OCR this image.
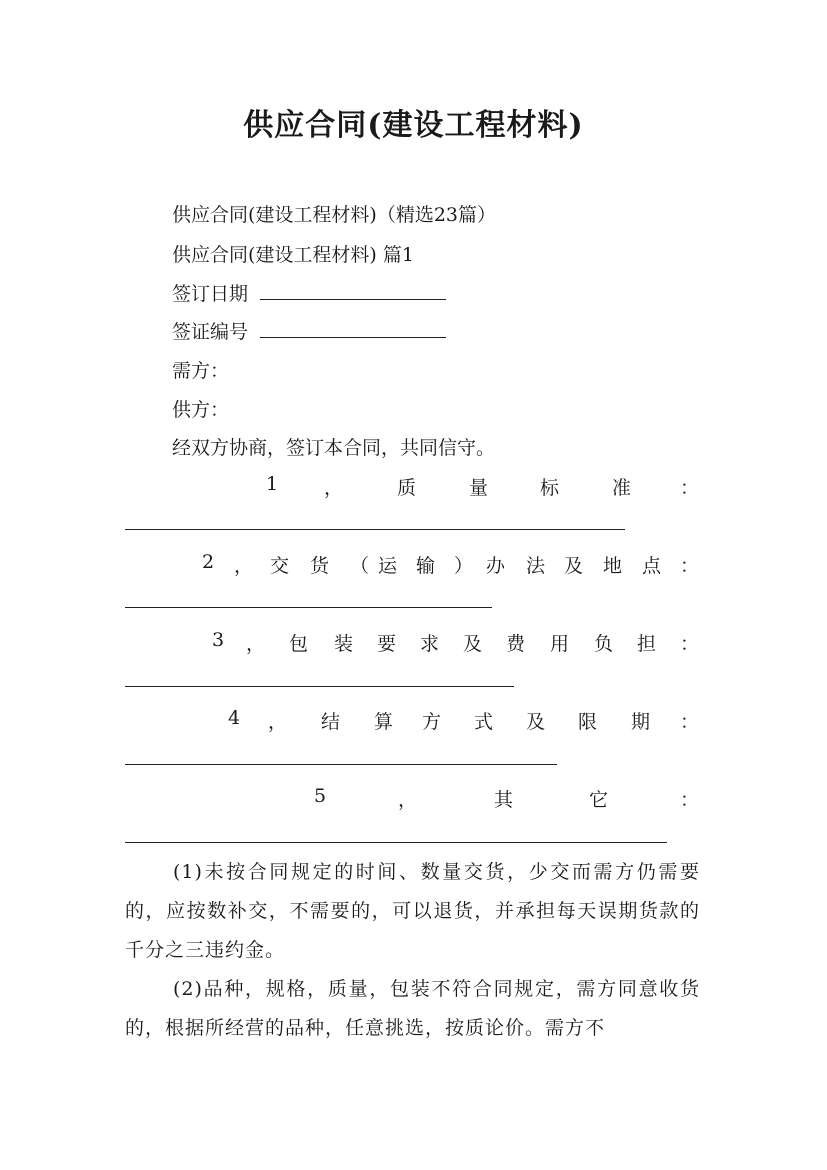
供应合同(建设工程材料)
供应合同(建设工程材料)（精选23篇）
供应合同(建设工程材料) 篇1
签订日期
签证编号
需方：
供方：
经双方协商，签订本合同，共同信守。
1 ，	质	量	标	准	：
2 ， 交 货 （ 运 输 ） 办 法 及 地 点 ：
3 ， 包 装 要 求 及 费 用 负 担 ：
4 ， 结 算 方 式 及 限 期 ：
5	，	其	它	：
(1)未按合同规定的时间、数量交货，少交而需方仍需要的，应按数补交，不需要的，可以退货，并承担每天误期货款的千分之三违约金。
(2)品种，规格，质量，包装不符合同规定，需方同意收货的，根据所经营的品种，任意挑选，按质论价。需方不
